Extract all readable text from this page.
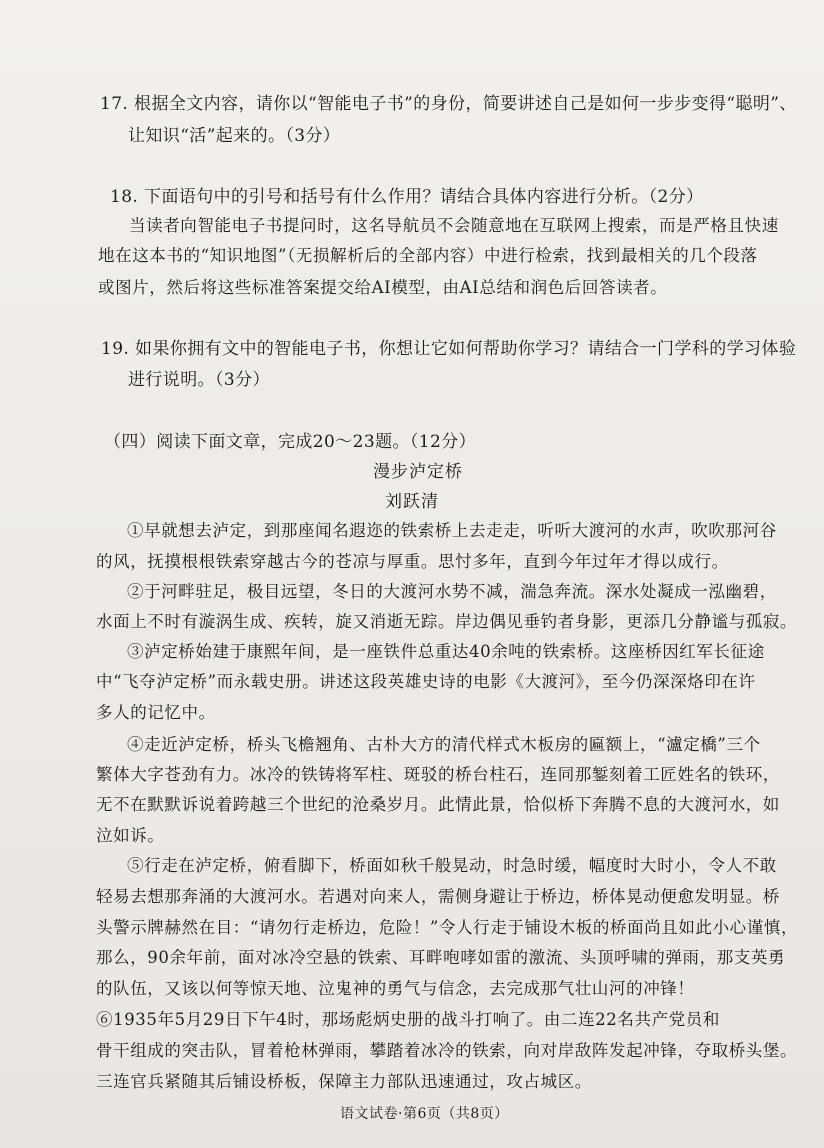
17. 根据全文内容，请你以“智能电子书”的身份，简要讲述自己是如何一步步变得“聪明”、
让知识“活”起来的。（3分）
18. 下面语句中的引号和括号有什么作用？请结合具体内容进行分析。（2分）
当读者向智能电子书提问时，这名导航员不会随意地在互联网上搜索，而是严格且快速
地在这本书的“知识地图”（无损解析后的全部内容）中进行检索，找到最相关的几个段落
或图片，然后将这些标准答案提交给AI模型，由AI总结和润色后回答读者。
19. 如果你拥有文中的智能电子书，你想让它如何帮助你学习？请结合一门学科的学习体验
进行说明。（3分）
（四）阅读下面文章，完成20～23题。（12分）
漫步泸定桥
刘跃清
①早就想去泸定，到那座闻名遐迩的铁索桥上去走走，听听大渡河的水声，吹吹那河谷
的风，抚摸根根铁索穿越古今的苍凉与厚重。思忖多年，直到今年过年才得以成行。
②于河畔驻足，极目远望，冬日的大渡河水势不减，湍急奔流。深水处凝成一泓幽碧，
水面上不时有漩涡生成、疾转，旋又消逝无踪。岸边偶见垂钓者身影，更添几分静谧与孤寂。
③泸定桥始建于康熙年间，是一座铁件总重达40余吨的铁索桥。这座桥因红军长征途
中“飞夺泸定桥”而永载史册。讲述这段英雄史诗的电影《大渡河》，至今仍深深烙印在许
多人的记忆中。
④走近泸定桥，桥头飞檐翘角、古朴大方的清代样式木板房的匾额上，“瀘定橋”三个
繁体大字苍劲有力。冰冷的铁铸将军柱、斑驳的桥台柱石，连同那錾刻着工匠姓名的铁环，
无不在默默诉说着跨越三个世纪的沧桑岁月。此情此景，恰似桥下奔腾不息的大渡河水，如
泣如诉。
⑤行走在泸定桥，俯看脚下，桥面如秋千般晃动，时急时缓，幅度时大时小，令人不敢
轻易去想那奔涌的大渡河水。若遇对向来人，需侧身避让于桥边，桥体晃动便愈发明显。桥
头警示牌赫然在目：“请勿行走桥边，危险！”令人行走于铺设木板的桥面尚且如此小心谨慎，
那么，90余年前，面对冰冷空悬的铁索、耳畔咆哮如雷的激流、头顶呼啸的弹雨，那支英勇
的队伍，又该以何等惊天地、泣鬼神的勇气与信念，去完成那气壮山河的冲锋！
⑥1935年5月29日下午4时，那场彪炳史册的战斗打响了。由二连22名共产党员和
骨干组成的突击队，冒着枪林弹雨，攀踏着冰冷的铁索，向对岸敌阵发起冲锋，夺取桥头堡。
三连官兵紧随其后铺设桥板，保障主力部队迅速通过，攻占城区。
语文试卷·第6页（共8页）
